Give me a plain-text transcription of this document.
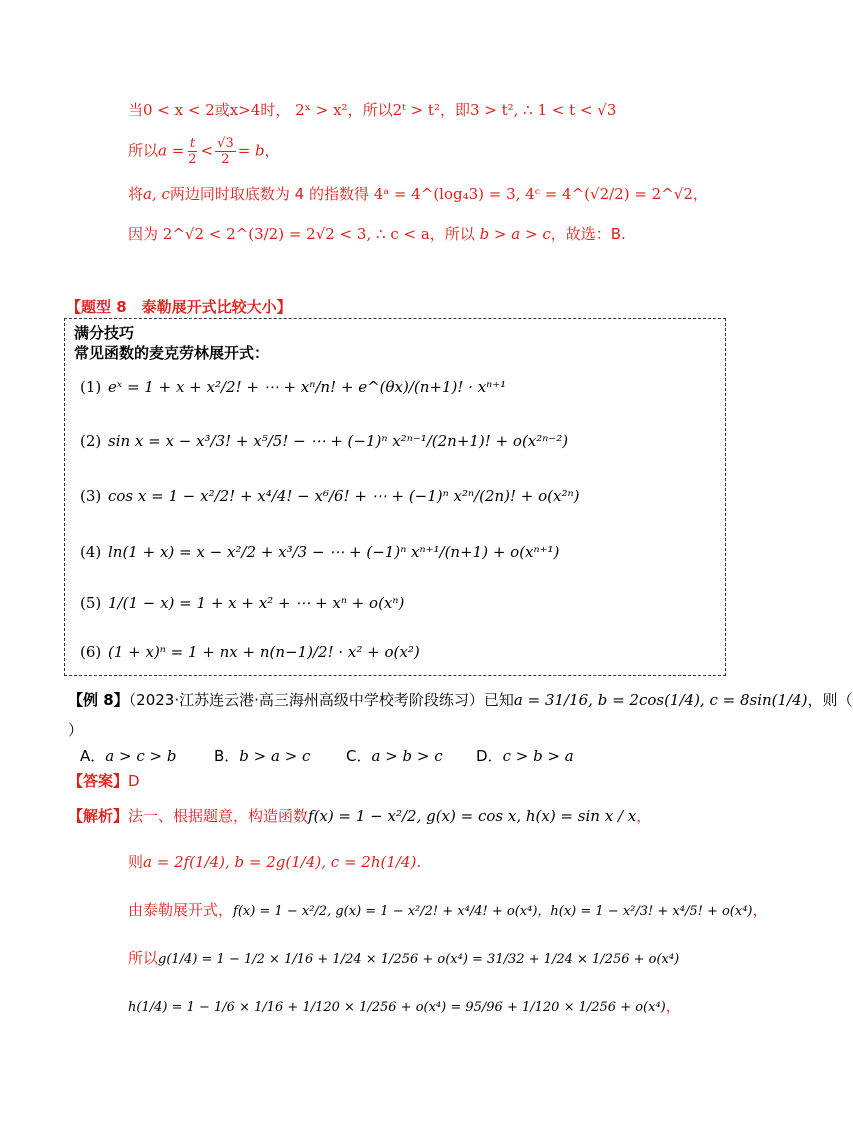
当0 < x < 2或x>4时， 2ˣ > x²，所以2ᵗ > t²，即3 > t², ∴ 1 < t < √3
所以$a = \frac{t}{2} < \frac{√3}{2} = b$，
将a, c两边同时取底数为 4 的指数得 4ᵃ = 4^(log₄3) = 3, 4ᶜ = 4^(√2/2) = 2^√2，
因为 2^√2 < 2^(3/2) = 2√2 < 3, ∴ c < a，所以 b > a > c，故选：B.
【题型 8　泰勒展开式比较大小】
满分技巧
常见函数的麦克劳林展开式：
(1) eˣ = 1 + x + x²/2! + ⋯ + xⁿ/n! + e^(θx)/(n+1)! · xⁿ⁺¹
(2) sin x = x − x³/3! + x⁵/5! − ⋯ + (−1)ⁿ x²ⁿ⁻¹/(2n+1)! + o(x²ⁿ⁻²)
(3) cos x = 1 − x²/2! + x⁴/4! − x⁶/6! + ⋯ + (−1)ⁿ x²ⁿ/(2n)! + o(x²ⁿ)
(4) ln(1 + x) = x − x²/2 + x³/3 − ⋯ + (−1)ⁿ xⁿ⁺¹/(n+1) + o(xⁿ⁺¹)
(5) 1/(1 − x) = 1 + x + x² + ⋯ + xⁿ + o(xⁿ)
(6) (1 + x)ⁿ = 1 + nx + n(n−1)/2! · x² + o(x²)
【例 8】（2023·江苏连云港·高三海州高级中学校考阶段练习）已知a = 31/16, b = 2cos(1/4), c = 8sin(1/4)，则（
）
A．a > c > b	B．b > a > c C．a > b > c D．c > b > a
【答案】D
【解析】法一、根据题意，构造函数f(x) = 1 − x²/2, g(x) = cos x, h(x) = sin x / x，
则a = 2f(1/4), b = 2g(1/4), c = 2h(1/4).
由泰勒展开式，f(x) = 1 − x²/2, g(x) = 1 − x²/2! + x⁴/4! + o(x⁴)，h(x) = 1 − x²/3! + x⁴/5! + o(x⁴)，
所以g(1/4) = 1 − 1/2 × 1/16 + 1/24 × 1/256 + o(x⁴) = 31/32 + 1/24 × 1/256 + o(x⁴)
h(1/4) = 1 − 1/6 × 1/16 + 1/120 × 1/256 + o(x⁴) = 95/96 + 1/120 × 1/256 + o(x⁴)，
